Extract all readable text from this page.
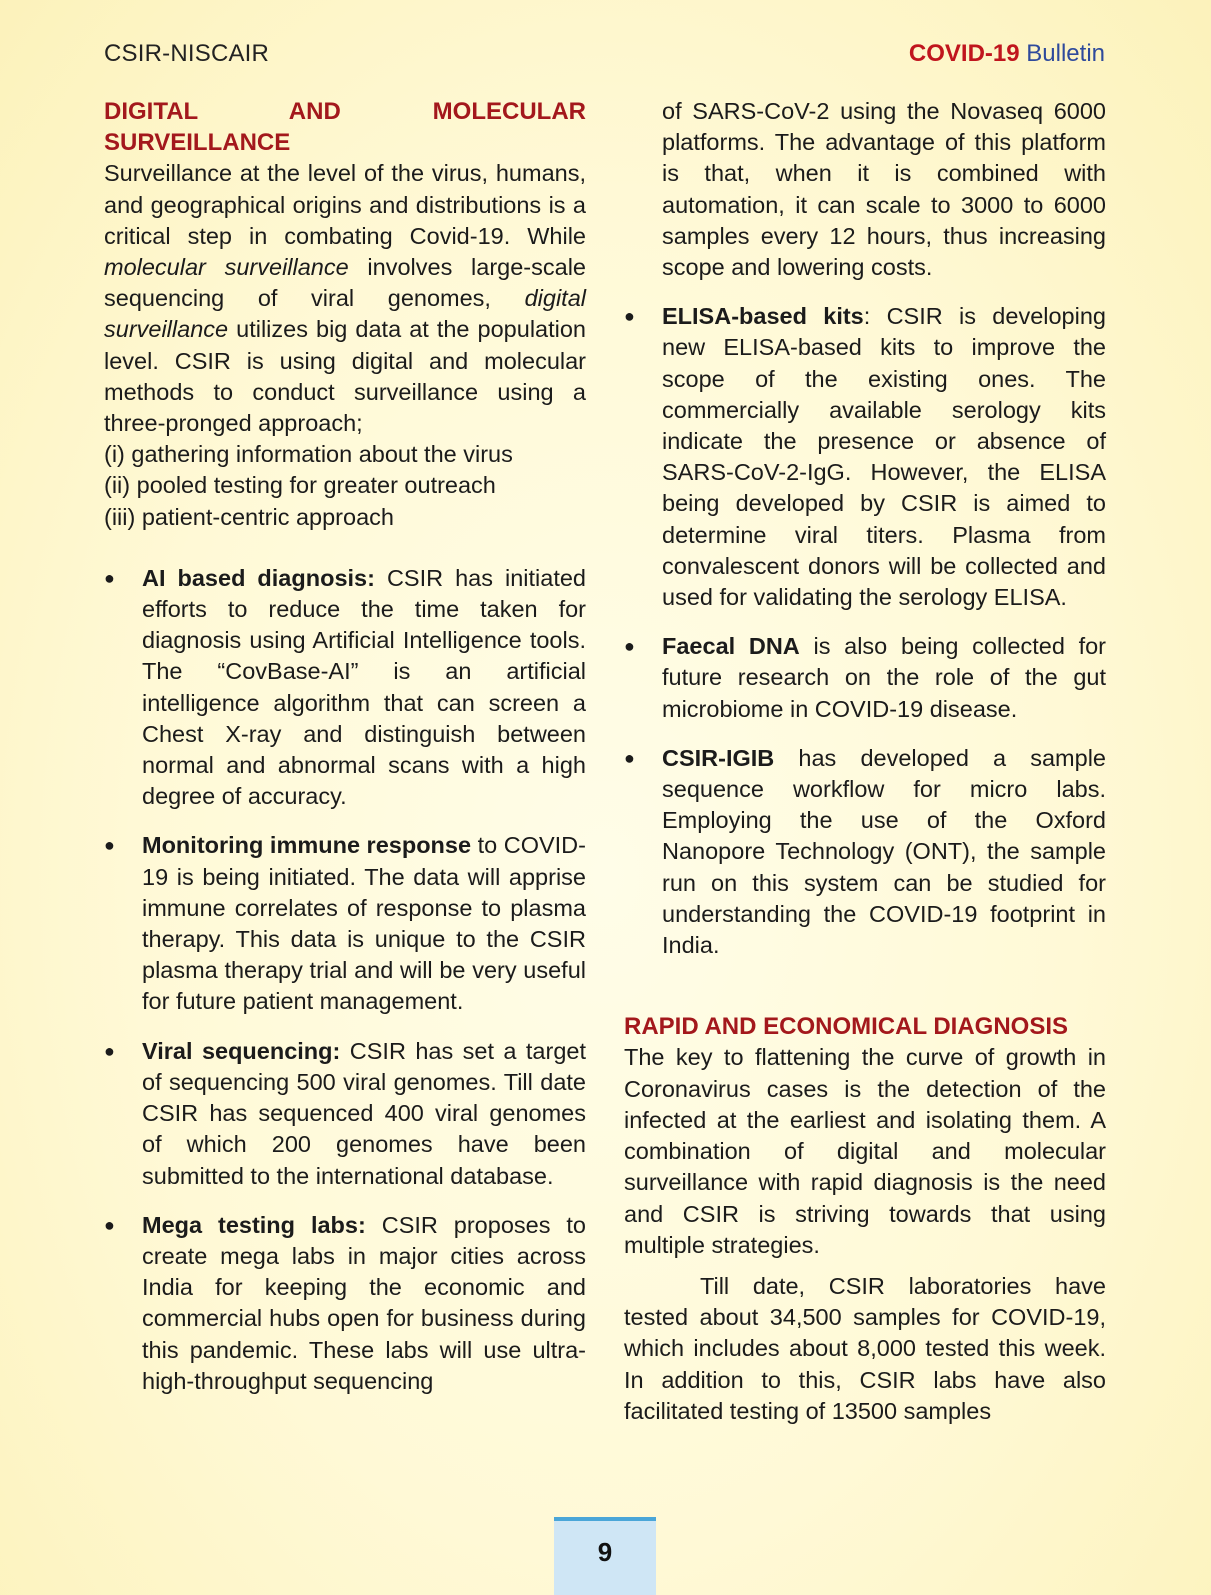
CSIR-NISCAIR	COVID-19 Bulletin
DIGITAL AND MOLECULAR
SURVEILLANCE

Surveillance at the level of the virus, humans, and geographical origins and distributions is a critical step in combating Covid-19. While molecular surveillance involves large-scale sequencing of viral genomes, digital surveillance utilizes big data at the population level. CSIR is using digital and molecular methods to conduct surveillance using a three-pronged approach;

(i) gathering information about the virus
(ii) pooled testing for greater outreach
(iii) patient-centric approach
● AI based diagnosis: CSIR has initiated efforts to reduce the time taken for diagnosis using Artificial Intelligence tools. The “CovBase-AI” is an artificial intelligence algorithm that can screen a Chest X-ray and distinguish between normal and abnormal scans with a high degree of accuracy.
● Monitoring immune response to COVID-19 is being initiated. The data will apprise immune correlates of response to plasma therapy. This data is unique to the CSIR plasma therapy trial and will be very useful for future patient management.
● Viral sequencing: CSIR has set a target of sequencing 500 viral genomes. Till date CSIR has sequenced 400 viral genomes of which 200 genomes have been submitted to the international database.
● Mega testing labs: CSIR proposes to create mega labs in major cities across India for keeping the economic and commercial hubs open for business during this pandemic. These labs will use ultra-high-throughput sequencing

of SARS-CoV-2 using the Novaseq 6000 platforms. The advantage of this platform is that, when it is combined with automation, it can scale to 3000 to 6000 samples every 12 hours, thus increasing scope and lowering costs.

● ELISA-based kits: CSIR is developing new ELISA-based kits to improve the scope of the existing ones. The commercially available serology kits indicate the presence or absence of SARS-CoV-2-IgG. However, the ELISA being developed by CSIR is aimed to determine viral titers. Plasma from convalescent donors will be collected and used for validating the serology ELISA.
● Faecal DNA is also being collected for future research on the role of the gut microbiome in COVID-19 disease.
● CSIR-IGIB has developed a sample sequence workflow for micro labs. Employing the use of the Oxford Nanopore Technology (ONT), the sample run on this system can be studied for understanding the COVID-19 footprint in India.
RAPID AND ECONOMICAL DIAGNOSIS

The key to flattening the curve of growth in Coronavirus cases is the detection of the infected at the earliest and isolating them. A combination of digital and molecular surveillance with rapid diagnosis is the need and CSIR is striving towards that using multiple strategies.

Till date, CSIR laboratories have tested about 34,500 samples for COVID-19, which includes about 8,000 tested this week. In addition to this, CSIR labs have also facilitated testing of 13500 samples

9
